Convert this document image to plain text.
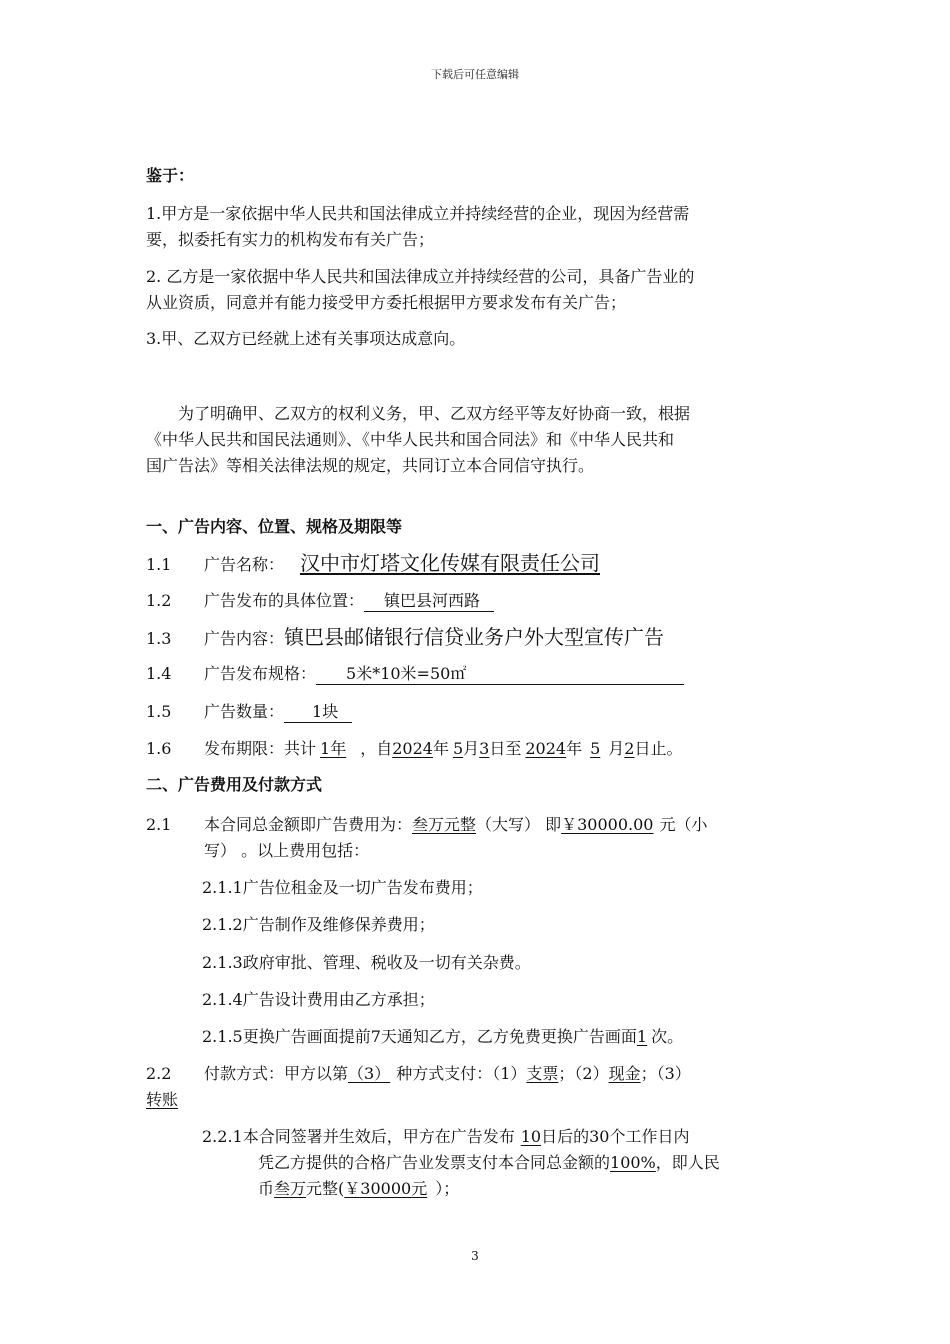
下载后可任意编辑
鉴于：
1.甲方是一家依据中华人民共和国法律成立并持续经营的企业，现因为经营需
要，拟委托有实力的机构发布有关广告；
2. 乙方是一家依据中华人民共和国法律成立并持续经营的公司，具备广告业的
从业资质，同意并有能力接受甲方委托根据甲方要求发布有关广告；
3.甲、乙双方已经就上述有关事项达成意向。
为了明确甲、乙双方的权利义务，甲、乙双方经平等友好协商一致，根据
《中华人民共和国民法通则》、《中华人民共和国合同法》和《中华人民共和
国广告法》等相关法律法规的规定，共同订立本合同信守执行。
一、广告内容、位置、规格及期限等
1.1 广告名称： 汉中市灯塔文化传媒有限责任公司
1.2 广告发布的具体位置： 镇巴县河西路
1.3 广告内容：镇巴县邮储银行信贷业务户外大型宣传广告
1.4 广告发布规格： 5米*10米=50㎡
1.5 广告数量： 1块
1.6 发布期限：共计 1年 ，自2024年 5月3日至 2024年 5 月2日止。
二、广告费用及付款方式
2.1 本合同总金额即广告费用为：叁万元整（大写） 即￥30000.00 元（小
写） 。以上费用包括：
2.1.1广告位租金及一切广告发布费用；
2.1.2广告制作及维修保养费用；
2.1.3政府审批、管理、税收及一切有关杂费。
2.1.4广告设计费用由乙方承担；
2.1.5更换广告画面提前7天通知乙方，乙方免费更换广告画面1 次。
2.2 付款方式：甲方以第（3） 种方式支付：（1）支票；（2）现金；（3）
转账
2.2.1本合同签署并生效后，甲方在广告发布 10日后的30个工作日内
凭乙方提供的合格广告业发票支付本合同总金额的100%，即人民
币叁万元整(￥30000元 ）；
3
